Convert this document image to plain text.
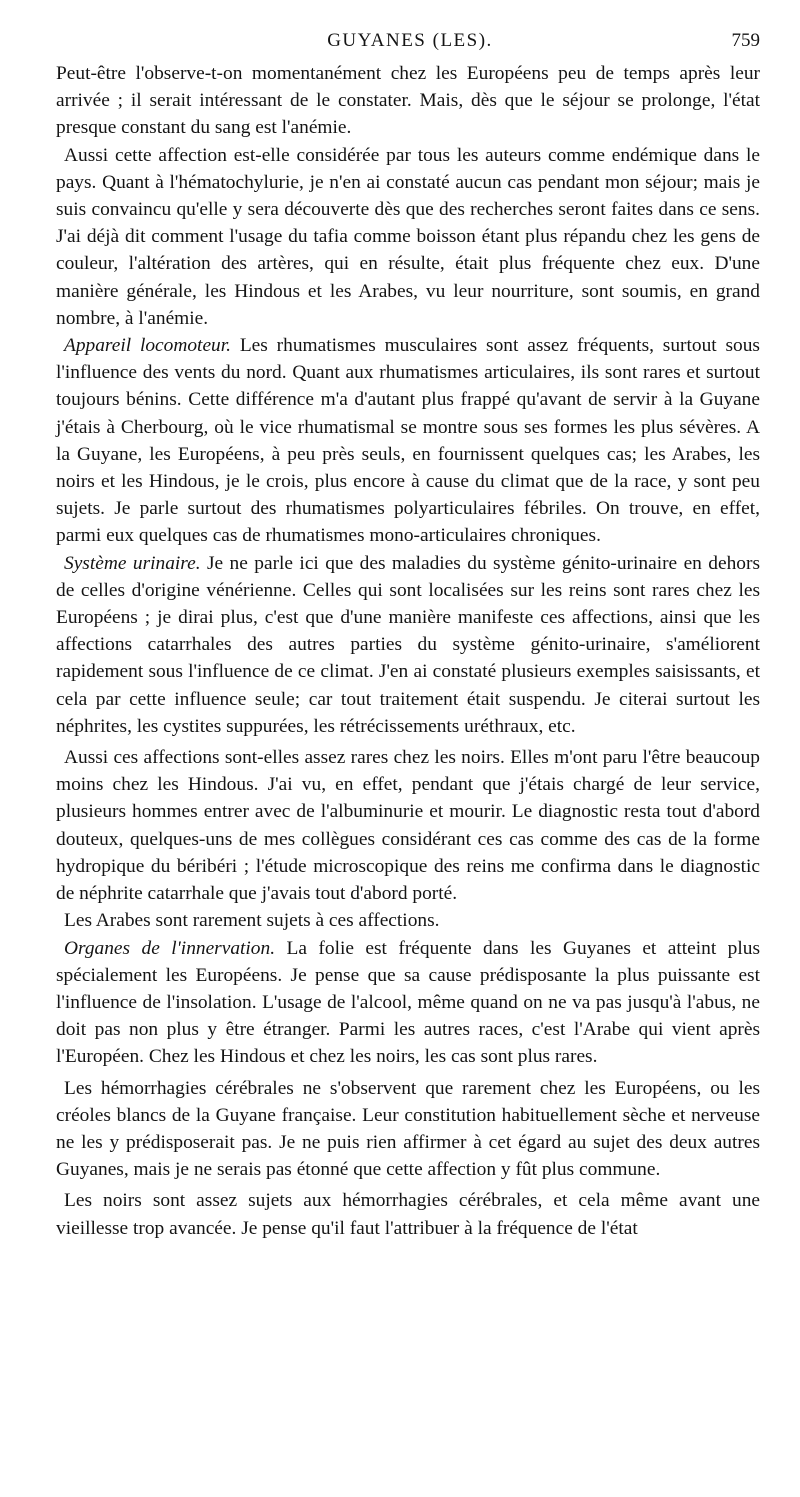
GUYANES (LES).	759

Peut-être l'observe-t-on momentanément chez les Européens peu de temps après leur arrivée ; il serait intéressant de le constater. Mais, dès que le séjour se prolonge, l'état presque constant du sang est l'anémie.

Aussi cette affection est-elle considérée par tous les auteurs comme endémique dans le pays. Quant à l'hématochylurie, je n'en ai constaté aucun cas pendant mon séjour; mais je suis convaincu qu'elle y sera découverte dès que des recherches seront faites dans ce sens. J'ai déjà dit comment l'usage du tafia comme boisson étant plus répandu chez les gens de couleur, l'altération des artères, qui en résulte, était plus fréquente chez eux. D'une manière générale, les Hindous et les Arabes, vu leur nourriture, sont soumis, en grand nombre, à l'anémie.

Appareil locomoteur. Les rhumatismes musculaires sont assez fréquents, surtout sous l'influence des vents du nord. Quant aux rhumatismes articulaires, ils sont rares et surtout toujours bénins. Cette différence m'a d'autant plus frappé qu'avant de servir à la Guyane j'étais à Cherbourg, où le vice rhumatismal se montre sous ses formes les plus sévères. A la Guyane, les Européens, à peu près seuls, en fournissent quelques cas; les Arabes, les noirs et les Hindous, je le crois, plus encore à cause du climat que de la race, y sont peu sujets. Je parle surtout des rhumatismes polyarticulaires fébriles. On trouve, en effet, parmi eux quelques cas de rhumatismes mono-articulaires chroniques.

Système urinaire. Je ne parle ici que des maladies du système génito-urinaire en dehors de celles d'origine vénérienne. Celles qui sont localisées sur les reins sont rares chez les Européens ; je dirai plus, c'est que d'une manière manifeste ces affections, ainsi que les affections catarrhales des autres parties du système génito-urinaire, s'améliorent rapidement sous l'influence de ce climat. J'en ai constaté plusieurs exemples saisissants, et cela par cette influence seule; car tout traitement était suspendu. Je citerai surtout les néphrites, les cystites suppurées, les rétrécissements uréthraux, etc.

Aussi ces affections sont-elles assez rares chez les noirs. Elles m'ont paru l'être beaucoup moins chez les Hindous. J'ai vu, en effet, pendant que j'étais chargé de leur service, plusieurs hommes entrer avec de l'albuminurie et mourir. Le diagnostic resta tout d'abord douteux, quelques-uns de mes collègues considérant ces cas comme des cas de la forme hydropique du béribéri ; l'étude microscopique des reins me confirma dans le diagnostic de néphrite catarrhale que j'avais tout d'abord porté.

Les Arabes sont rarement sujets à ces affections.

Organes de l'innervation. La folie est fréquente dans les Guyanes et atteint plus spécialement les Européens. Je pense que sa cause prédisposante la plus puissante est l'influence de l'insolation. L'usage de l'alcool, même quand on ne va pas jusqu'à l'abus, ne doit pas non plus y être étranger. Parmi les autres races, c'est l'Arabe qui vient après l'Européen. Chez les Hindous et chez les noirs, les cas sont plus rares.

Les hémorrhagies cérébrales ne s'observent que rarement chez les Européens, ou les créoles blancs de la Guyane française. Leur constitution habituellement sèche et nerveuse ne les y prédisposerait pas. Je ne puis rien affirmer à cet égard au sujet des deux autres Guyanes, mais je ne serais pas étonné que cette affection y fût plus commune.

Les noirs sont assez sujets aux hémorrhagies cérébrales, et cela même avant une vieillesse trop avancée. Je pense qu'il faut l'attribuer à la fréquence de l'état
